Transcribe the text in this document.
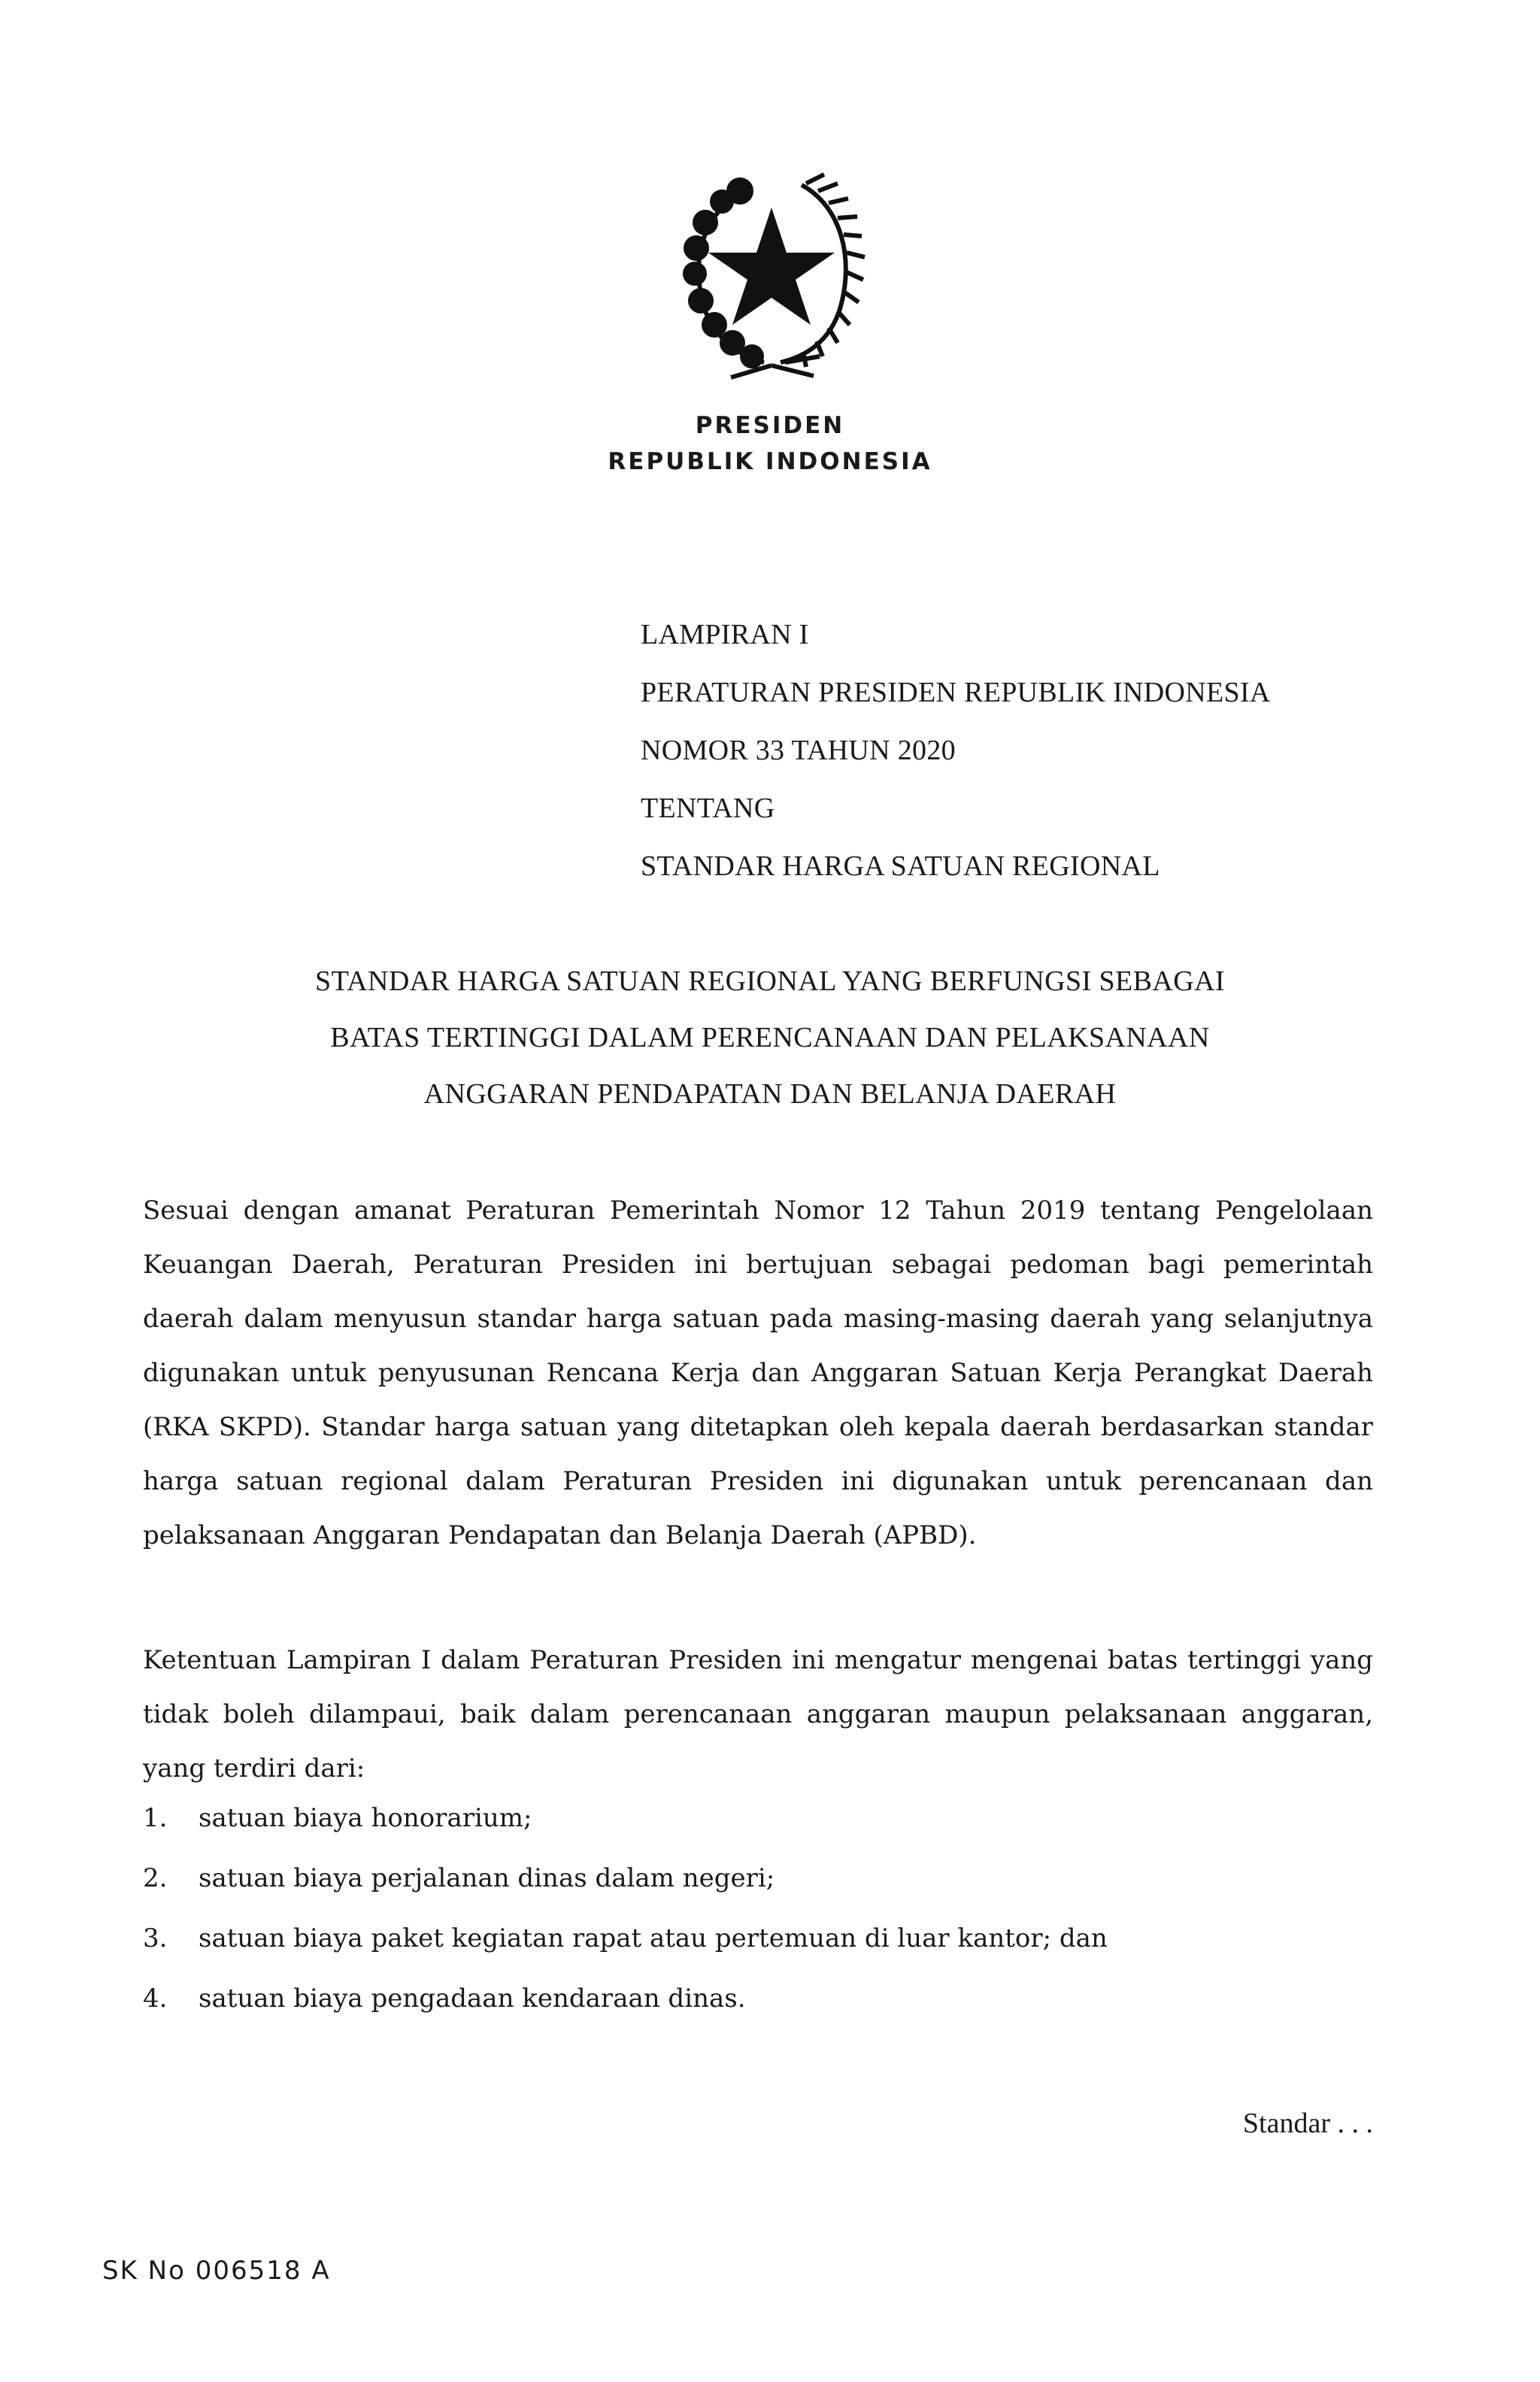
PRESIDEN
REPUBLIK INDONESIA
LAMPIRAN I
PERATURAN PRESIDEN REPUBLIK INDONESIA
NOMOR 33 TAHUN 2020
TENTANG
STANDAR HARGA SATUAN REGIONAL
STANDAR HARGA SATUAN REGIONAL YANG BERFUNGSI SEBAGAI
BATAS TERTINGGI DALAM PERENCANAAN DAN PELAKSANAAN
ANGGARAN PENDAPATAN DAN BELANJA DAERAH
Sesuai dengan amanat Peraturan Pemerintah Nomor 12 Tahun 2019 tentang Pengelolaan Keuangan Daerah, Peraturan Presiden ini bertujuan sebagai pedoman bagi pemerintah daerah dalam menyusun standar harga satuan pada masing-masing daerah yang selanjutnya digunakan untuk penyusunan Rencana Kerja dan Anggaran Satuan Kerja Perangkat Daerah (RKA SKPD). Standar harga satuan yang ditetapkan oleh kepala daerah berdasarkan standar harga satuan regional dalam Peraturan Presiden ini digunakan untuk perencanaan dan pelaksanaan Anggaran Pendapatan dan Belanja Daerah (APBD).
Ketentuan Lampiran I dalam Peraturan Presiden ini mengatur mengenai batas tertinggi yang tidak boleh dilampaui, baik dalam perencanaan anggaran maupun pelaksanaan anggaran, yang terdiri dari:
1. satuan biaya honorarium;
2. satuan biaya perjalanan dinas dalam negeri;
3. satuan biaya paket kegiatan rapat atau pertemuan di luar kantor; dan
4. satuan biaya pengadaan kendaraan dinas.
Standar . . .
SK No 006518 A
